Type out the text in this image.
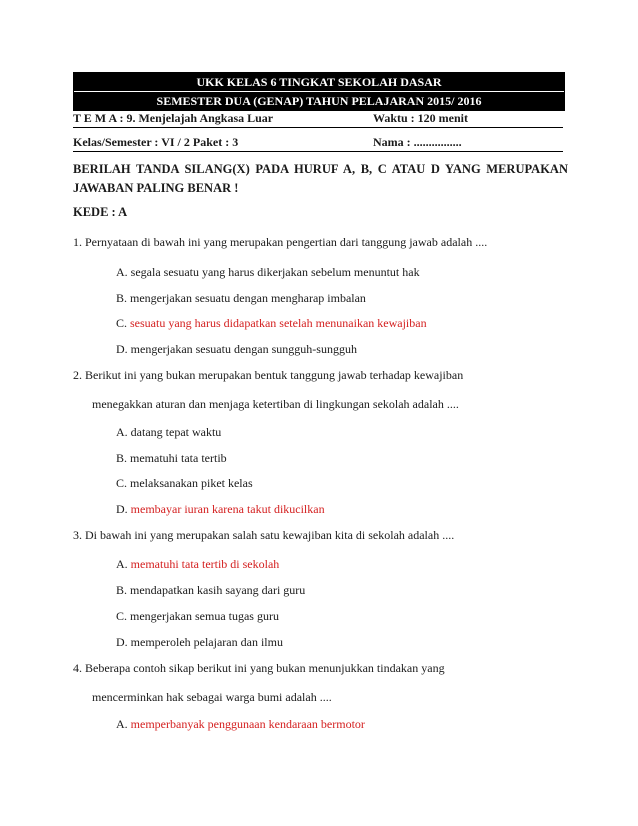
UKK KELAS 6 TINGKAT SEKOLAH DASAR
SEMESTER DUA (GENAP) TAHUN PELAJARAN 2015/ 2016
T E M A : 9. Menjelajah Angkasa Luar	Waktu : 120 menit
Kelas/Semester : VI / 2 Paket : 3	Nama : ................
BERILAH TANDA SILANG(X) PADA HURUF A, B, C ATAU D YANG MERUPAKAN JAWABAN PALING BENAR !
KEDE : A
1. Pernyataan di bawah ini yang merupakan pengertian dari tanggung jawab adalah ....
A. segala sesuatu yang harus dikerjakan sebelum menuntut hak
B. mengerjakan sesuatu dengan mengharap imbalan
C. sesuatu yang harus didapatkan setelah menunaikan kewajiban
D. mengerjakan sesuatu dengan sungguh-sungguh
2. Berikut ini yang bukan merupakan bentuk tanggung jawab terhadap kewajiban
menegakkan aturan dan menjaga ketertiban di lingkungan sekolah adalah ....
A. datang tepat waktu
B. mematuhi tata tertib
C. melaksanakan piket kelas
D. membayar iuran karena takut dikucilkan
3. Di bawah ini yang merupakan salah satu kewajiban kita di sekolah adalah ....
A. mematuhi tata tertib di sekolah
B. mendapatkan kasih sayang dari guru
C. mengerjakan semua tugas guru
D. memperoleh pelajaran dan ilmu
4. Beberapa contoh sikap berikut ini yang bukan menunjukkan tindakan yang
mencerminkan hak sebagai warga bumi adalah ....
A. memperbanyak penggunaan kendaraan bermotor
